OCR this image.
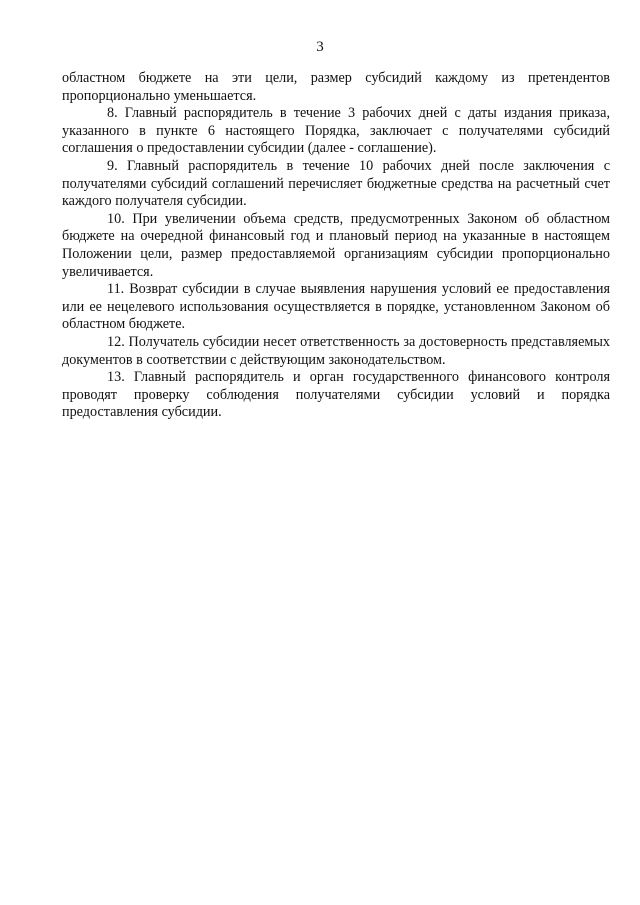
3

областном бюджете на эти цели, размер субсидий каждому из претендентов пропорционально уменьшается.

8. Главный распорядитель в течение 3 рабочих дней с даты издания приказа, указанного в пункте 6 настоящего Порядка, заключает с получателями субсидий соглашения о предоставлении субсидии (далее - соглашение).

9. Главный распорядитель в течение 10 рабочих дней после заключения с получателями субсидий соглашений перечисляет бюджетные средства на расчетный счет каждого получателя субсидии.

10. При увеличении объема средств, предусмотренных Законом об областном бюджете на очередной финансовый год и плановый период на указанные в настоящем Положении цели, размер предоставляемой организациям субсидии пропорционально увеличивается.

11. Возврат субсидии в случае выявления нарушения условий ее предоставления или ее нецелевого использования осуществляется в порядке, установленном Законом об областном бюджете.

12. Получатель субсидии несет ответственность за достоверность представляемых документов в соответствии с действующим законодательством.

13. Главный распорядитель и орган государственного финансового контроля проводят проверку соблюдения получателями субсидии условий и порядка предоставления субсидии.
